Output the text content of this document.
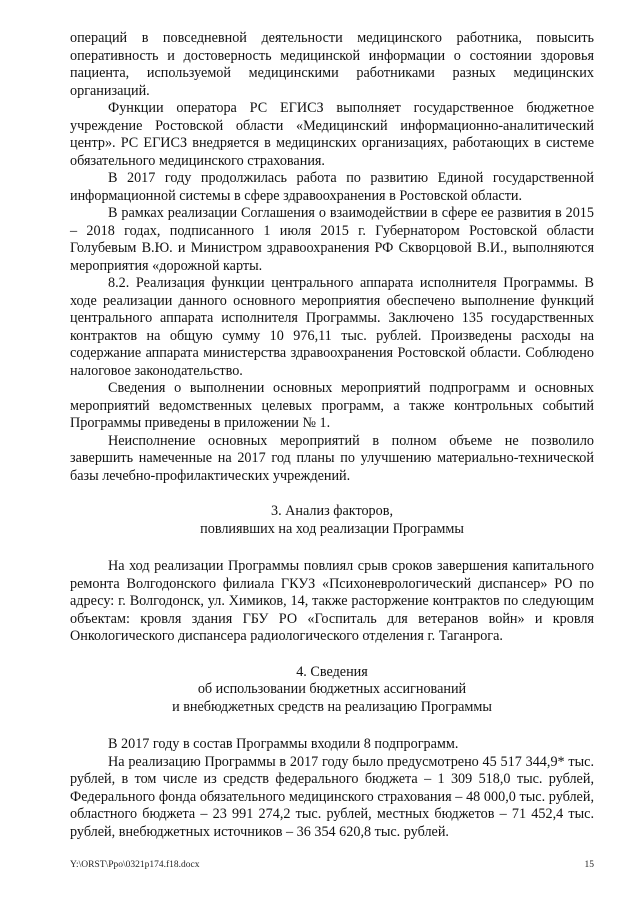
операций в повседневной деятельности медицинского работника, повысить оперативность и достоверность медицинской информации о состоянии здоровья пациента, используемой медицинскими работниками разных медицинских организаций.

Функции оператора РС ЕГИСЗ выполняет государственное бюджетное учреждение Ростовской области «Медицинский информационно-аналитический центр». РС ЕГИСЗ внедряется в медицинских организациях, работающих в системе обязательного медицинского страхования.

В 2017 году продолжилась работа по развитию Единой государственной информационной системы в сфере здравоохранения в Ростовской области.

В рамках реализации Соглашения о взаимодействии в сфере ее развития в 2015 – 2018 годах, подписанного 1 июля 2015 г. Губернатором Ростовской области Голубевым В.Ю. и Министром здравоохранения РФ Скворцовой В.И., выполняются мероприятия «дорожной карты.

8.2. Реализация функции центрального аппарата исполнителя Программы. В ходе реализации данного основного мероприятия обеспечено выполнение функций центрального аппарата исполнителя Программы. Заключено 135 государственных контрактов на общую сумму 10 976,11 тыс. рублей. Произведены расходы на содержание аппарата министерства здравоохранения Ростовской области. Соблюдено налоговое законодательство.

Сведения о выполнении основных мероприятий подпрограмм и основных мероприятий ведомственных целевых программ, а также контрольных событий Программы приведены в приложении № 1.

Неисполнение основных мероприятий в полном объеме не позволило завершить намеченные на 2017 год планы по улучшению материально-технической базы лечебно-профилактических учреждений.

3. Анализ факторов,
повлиявших на ход реализации Программы

На ход реализации Программы повлиял срыв сроков завершения капитального ремонта Волгодонского филиала ГКУЗ «Психоневрологический диспансер» РО по адресу: г. Волгодонск, ул. Химиков, 14, также расторжение контрактов по следующим объектам: кровля здания ГБУ РО «Госпиталь для ветеранов войн» и кровля Онкологического диспансера радиологического отделения г. Таганрога.

4. Сведения
об использовании бюджетных ассигнований
и внебюджетных средств на реализацию Программы

В 2017 году в состав Программы входили 8 подпрограмм.

На реализацию Программы в 2017 году было предусмотрено 45 517 344,9* тыс. рублей, в том числе из средств федерального бюджета – 1 309 518,0 тыс. рублей, Федерального фонда обязательного медицинского страхования – 48 000,0 тыс. рублей, областного бюджета – 23 991 274,2 тыс. рублей, местных бюджетов – 71 452,4 тыс. рублей, внебюджетных источников – 36 354 620,8 тыс. рублей.

Y:\ORST\Ppo\0321p174.f18.docx	15
